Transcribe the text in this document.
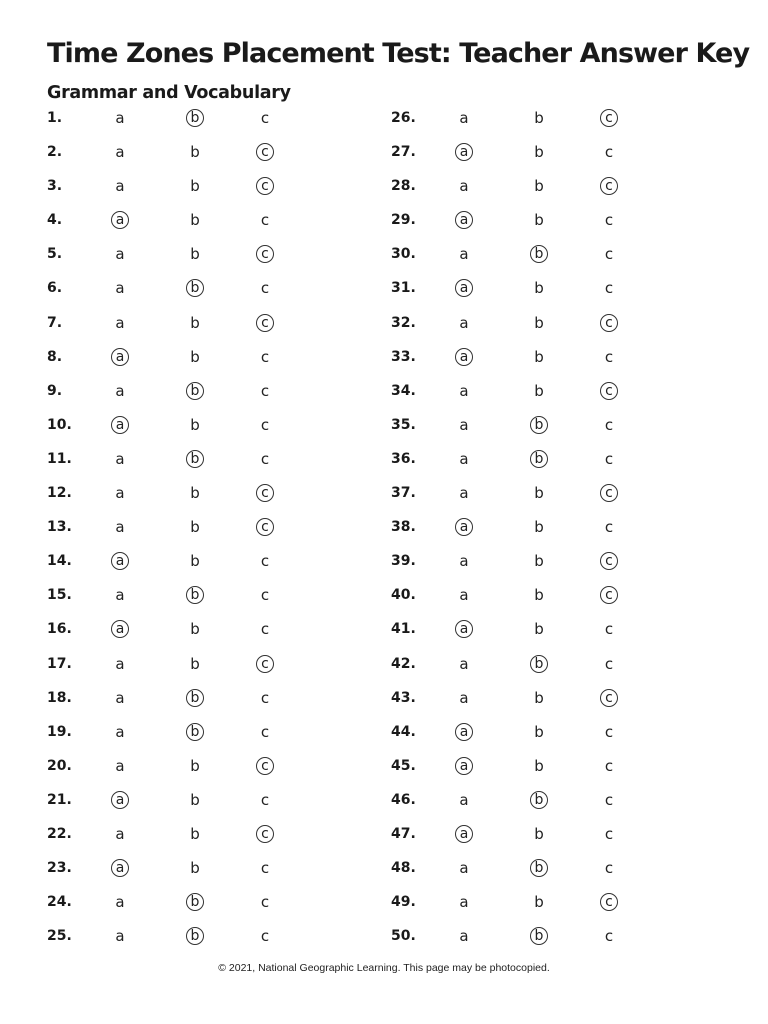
Time Zones Placement Test: Teacher Answer Key
Grammar and Vocabulary
1.	a	b	c
2.	a	b	c
3.	a	b	c
4.	a	b	c
5.	a	b	c
6.	a	b	c
7.	a	b	c
8.	a	b	c
9.	a	b	c
10.	a	b	c
11.	a	b	c
12.	a	b	c
13.	a	b	c
14.	a	b	c
15.	a	b	c
16.	a	b	c
17.	a	b	c
18.	a	b	c
19.	a	b	c
20.	a	b	c
21.	a	b	c
22.	a	b	c
23.	a	b	c
24.	a	b	c
25.	a	b	c
26.	a	b	c
27.	a	b	c
28.	a	b	c
29.	a	b	c
30.	a	b	c
31.	a	b	c
32.	a	b	c
33.	a	b	c
34.	a	b	c
35.	a	b	c
36.	a	b	c
37.	a	b	c
38.	a	b	c
39.	a	b	c
40.	a	b	c
41.	a	b	c
42.	a	b	c
43.	a	b	c
44.	a	b	c
45.	a	b	c
46.	a	b	c
47.	a	b	c
48.	a	b	c
49.	a	b	c
50.	a	b	c
© 2021, National Geographic Learning. This page may be photocopied.
